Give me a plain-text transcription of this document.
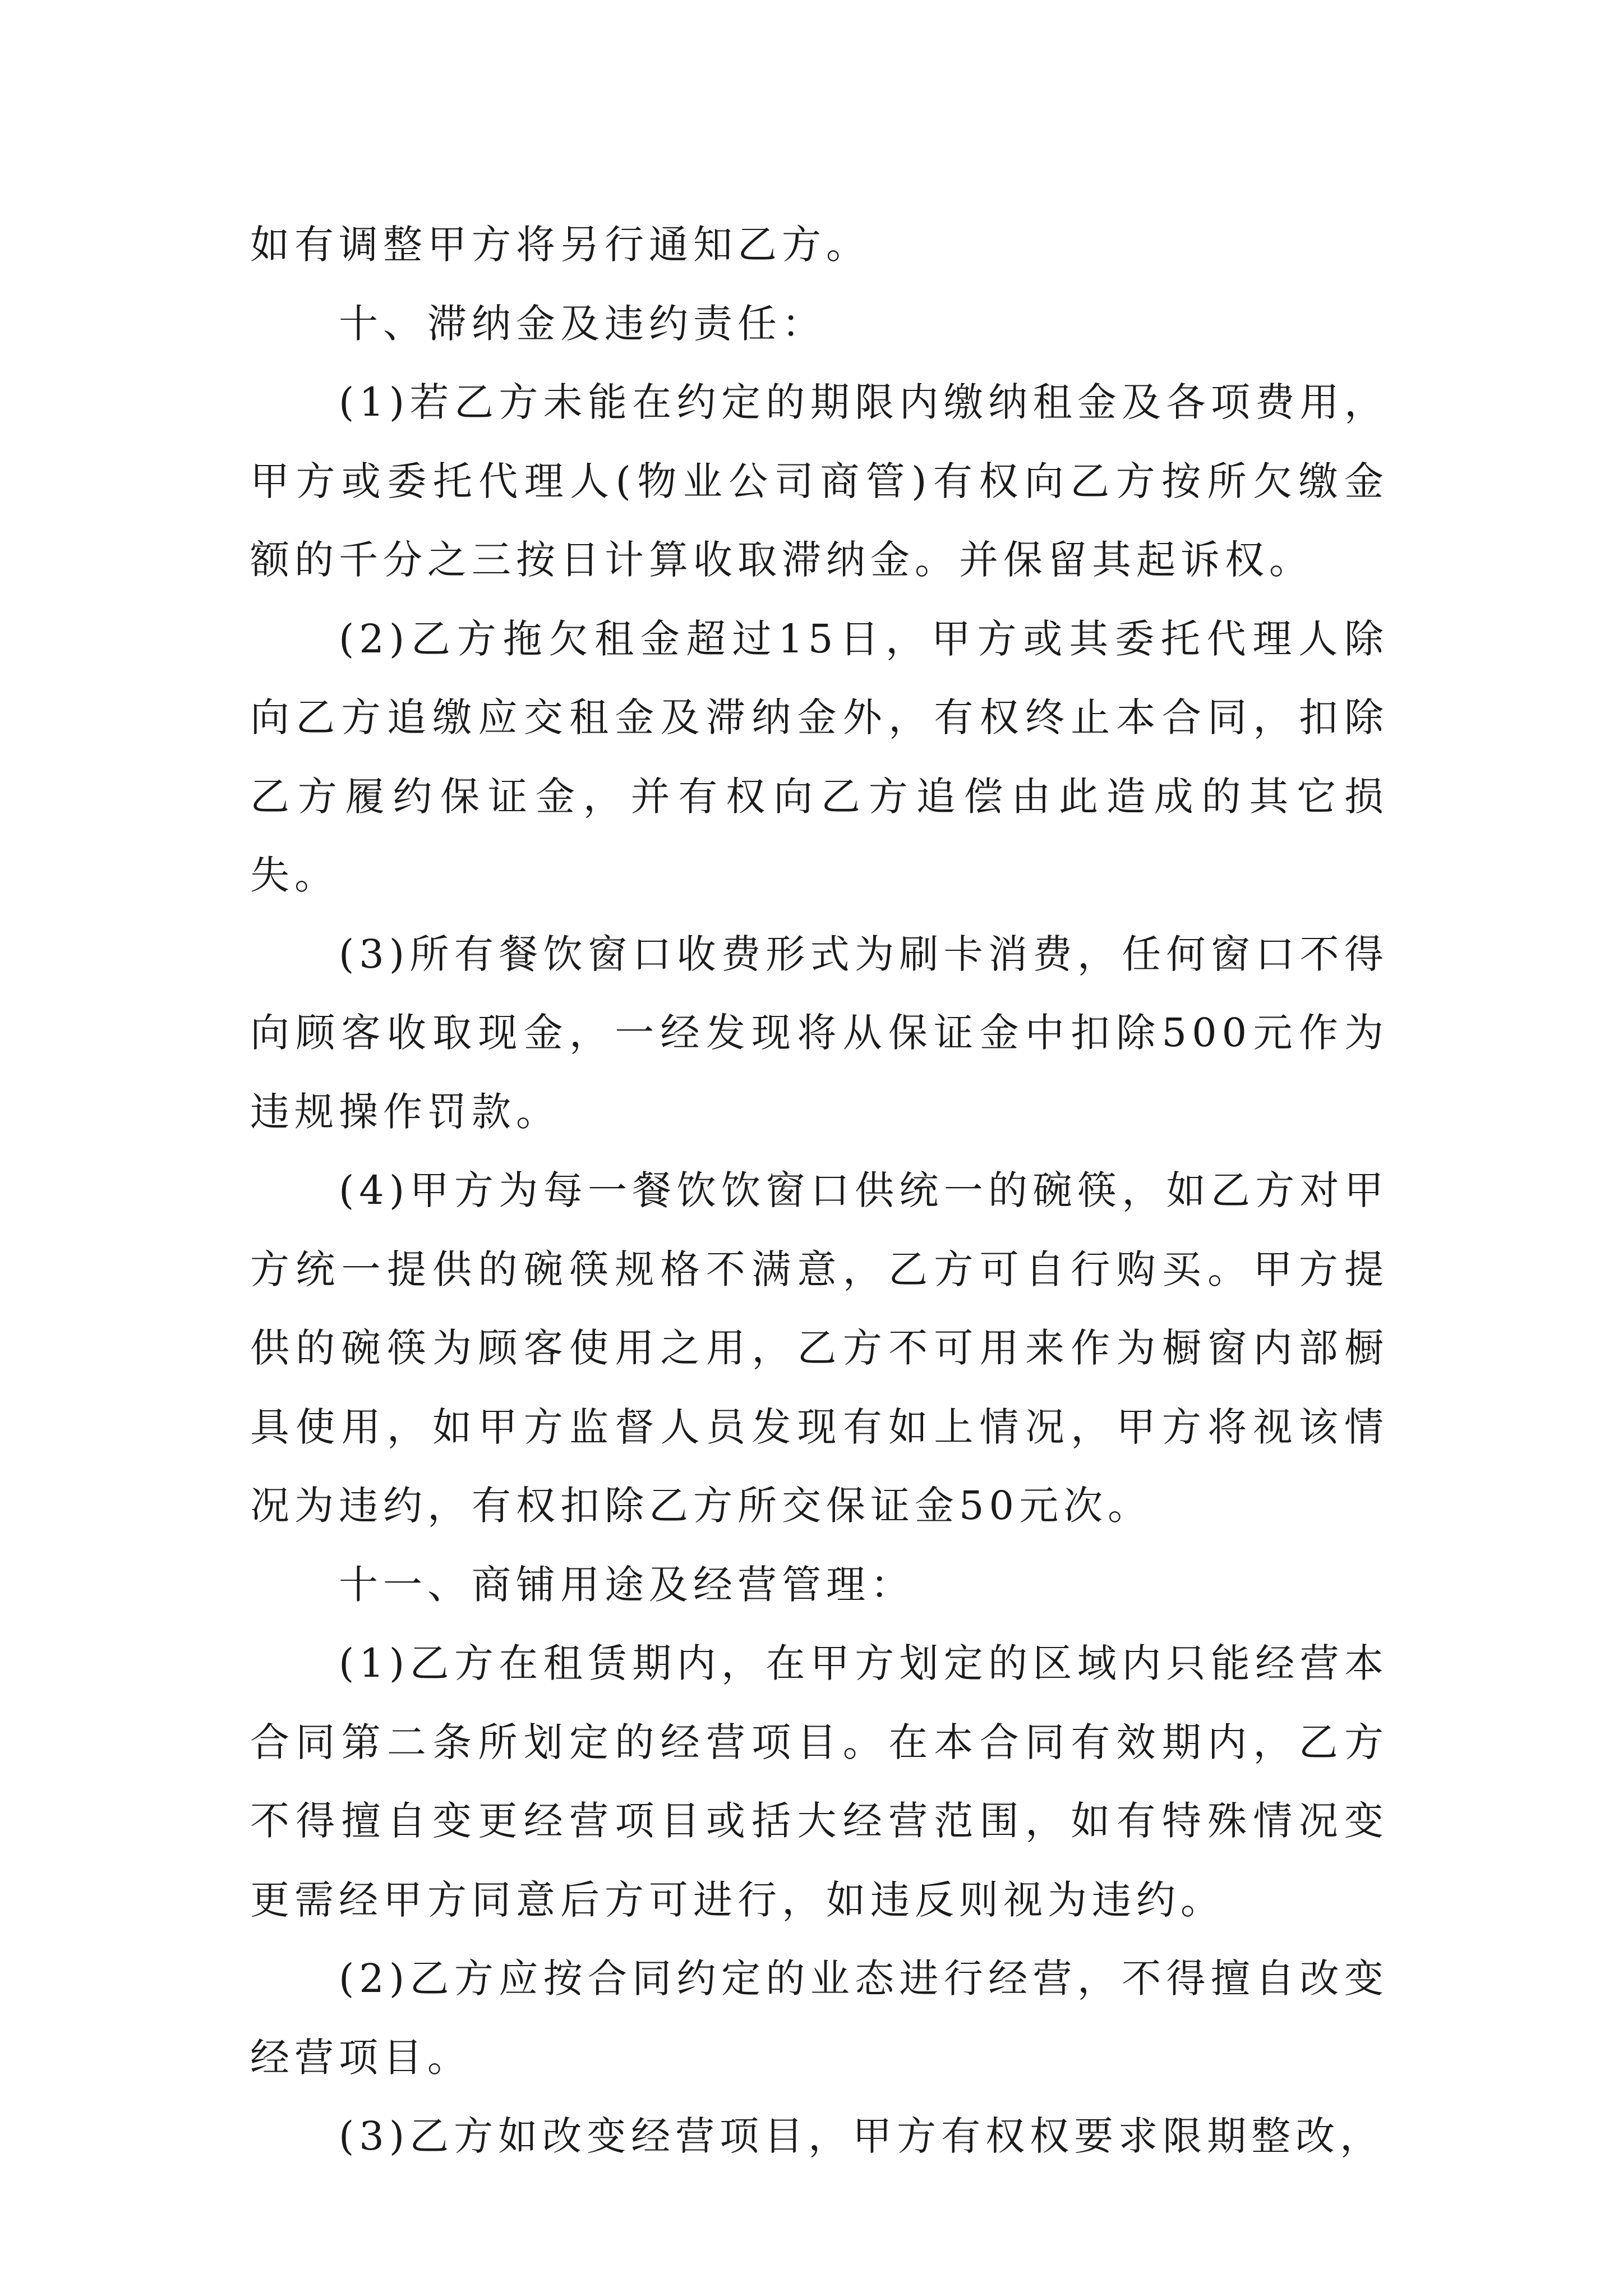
如有调整甲方将另行通知乙方。

十、滞纳金及违约责任：

(1)若乙方未能在约定的期限内缴纳租金及各项费用，甲方或委托代理人(物业公司商管)有权向乙方按所欠缴金额的千分之三按日计算收取滞纳金。并保留其起诉权。

(2)乙方拖欠租金超过15日，甲方或其委托代理人除向乙方追缴应交租金及滞纳金外，有权终止本合同，扣除乙方履约保证金，并有权向乙方追偿由此造成的其它损失。

(3)所有餐饮窗口收费形式为刷卡消费，任何窗口不得向顾客收取现金，一经发现将从保证金中扣除500元作为违规操作罚款。

(4)甲方为每一餐饮饮窗口供统一的碗筷，如乙方对甲方统一提供的碗筷规格不满意，乙方可自行购买。甲方提供的碗筷为顾客使用之用，乙方不可用来作为橱窗内部橱具使用，如甲方监督人员发现有如上情况，甲方将视该情况为违约，有权扣除乙方所交保证金50元次。

十一、商铺用途及经营管理：

(1)乙方在租赁期内，在甲方划定的区域内只能经营本合同第二条所划定的经营项目。在本合同有效期内，乙方不得擅自变更经营项目或括大经营范围，如有特殊情况变更需经甲方同意后方可进行，如违反则视为违约。

(2)乙方应按合同约定的业态进行经营，不得擅自改变经营项目。

(3)乙方如改变经营项目，甲方有权权要求限期整改，
